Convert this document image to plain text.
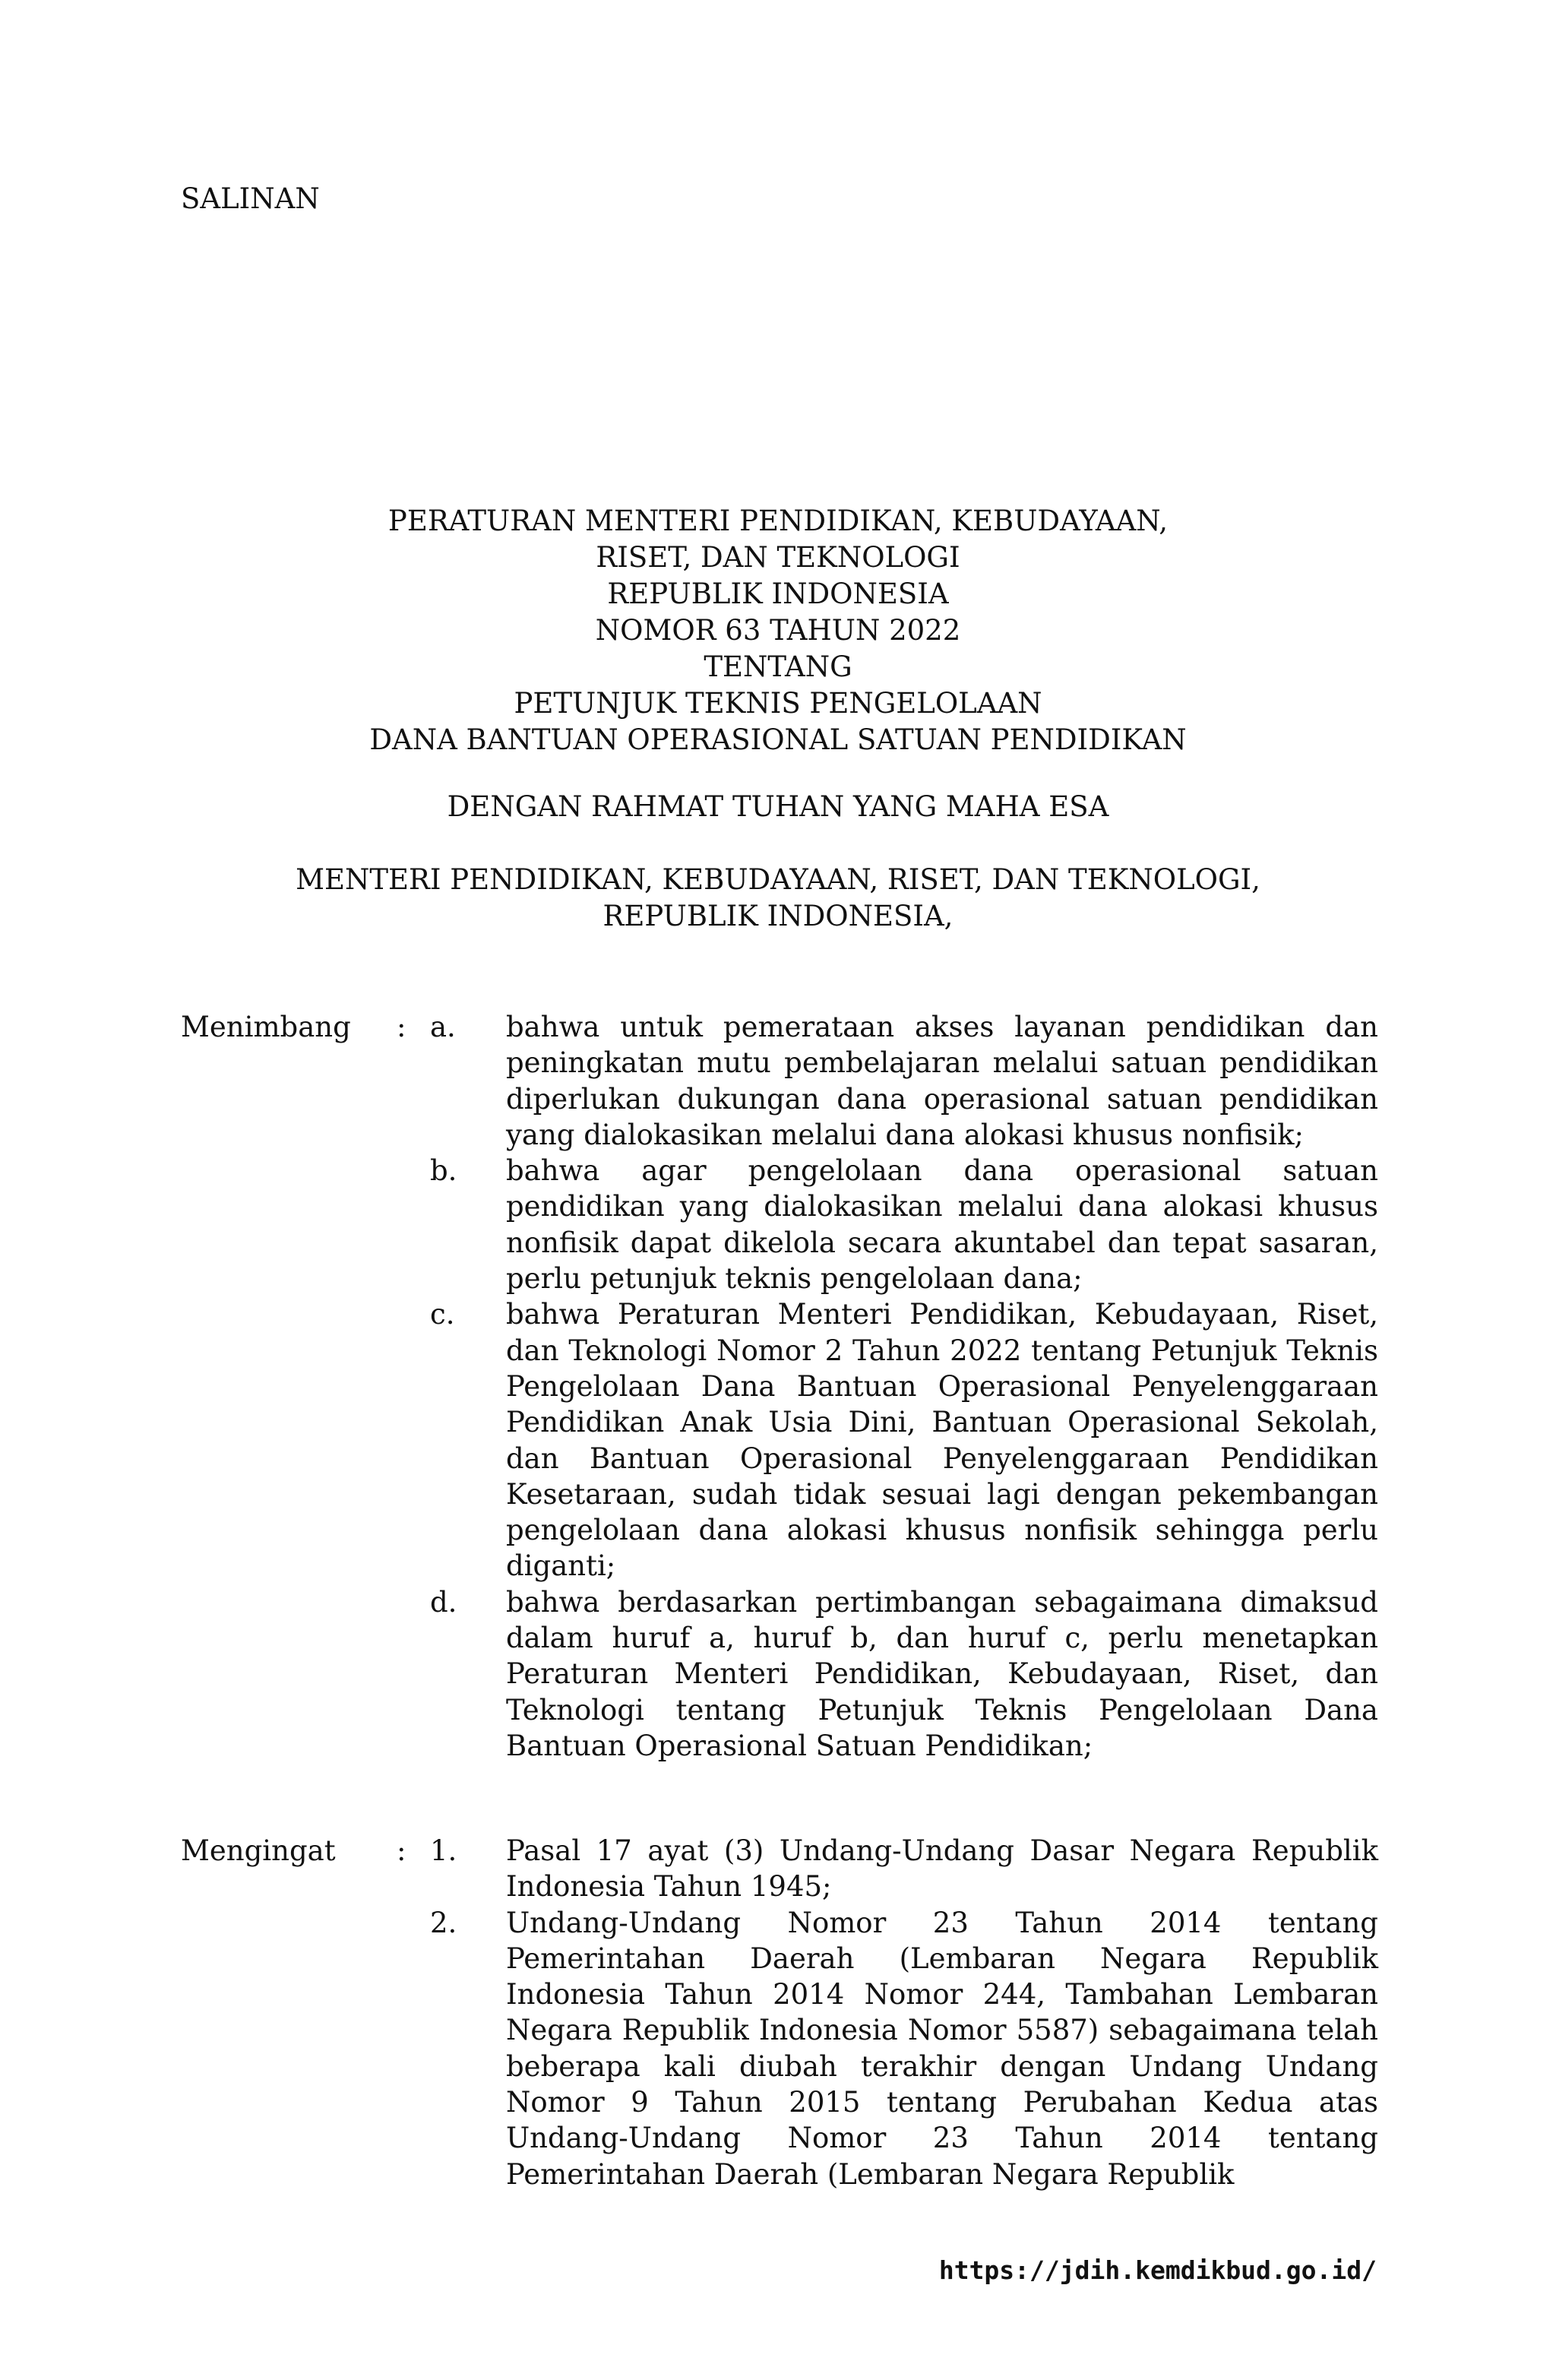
SALINAN
PERATURAN MENTERI PENDIDIKAN, KEBUDAYAAN,
RISET, DAN TEKNOLOGI
REPUBLIK INDONESIA
NOMOR 63 TAHUN 2022
TENTANG
PETUNJUK TEKNIS PENGELOLAAN
DANA BANTUAN OPERASIONAL SATUAN PENDIDIKAN
DENGAN RAHMAT TUHAN YANG MAHA ESA
MENTERI PENDIDIKAN, KEBUDAYAAN, RISET, DAN TEKNOLOGI,
REPUBLIK INDONESIA,
Menimbang : a. bahwa untuk pemerataan akses layanan pendidikan dan peningkatan mutu pembelajaran melalui satuan pendidikan diperlukan dukungan dana operasional satuan pendidikan yang dialokasikan melalui dana alokasi khusus nonfisik;
b. bahwa agar pengelolaan dana operasional satuan pendidikan yang dialokasikan melalui dana alokasi khusus nonfisik dapat dikelola secara akuntabel dan tepat sasaran, perlu petunjuk teknis pengelolaan dana;
c. bahwa Peraturan Menteri Pendidikan, Kebudayaan, Riset, dan Teknologi Nomor 2 Tahun 2022 tentang Petunjuk Teknis Pengelolaan Dana Bantuan Operasional Penyelenggaraan Pendidikan Anak Usia Dini, Bantuan Operasional Sekolah, dan Bantuan Operasional Penyelenggaraan Pendidikan Kesetaraan, sudah tidak sesuai lagi dengan pekembangan pengelolaan dana alokasi khusus nonfisik sehingga perlu diganti;
d. bahwa berdasarkan pertimbangan sebagaimana dimaksud dalam huruf a, huruf b, dan huruf c, perlu menetapkan Peraturan Menteri Pendidikan, Kebudayaan, Riset, dan Teknologi tentang Petunjuk Teknis Pengelolaan Dana Bantuan Operasional Satuan Pendidikan;
Mengingat : 1. Pasal 17 ayat (3) Undang-Undang Dasar Negara Republik Indonesia Tahun 1945;
2. Undang-Undang Nomor 23 Tahun 2014 tentang Pemerintahan Daerah (Lembaran Negara Republik Indonesia Tahun 2014 Nomor 244, Tambahan Lembaran Negara Republik Indonesia Nomor 5587) sebagaimana telah beberapa kali diubah terakhir dengan Undang Undang Nomor 9 Tahun 2015 tentang Perubahan Kedua atas Undang-Undang Nomor 23 Tahun 2014 tentang Pemerintahan Daerah (Lembaran Negara Republik
https://jdih.kemdikbud.go.id/
